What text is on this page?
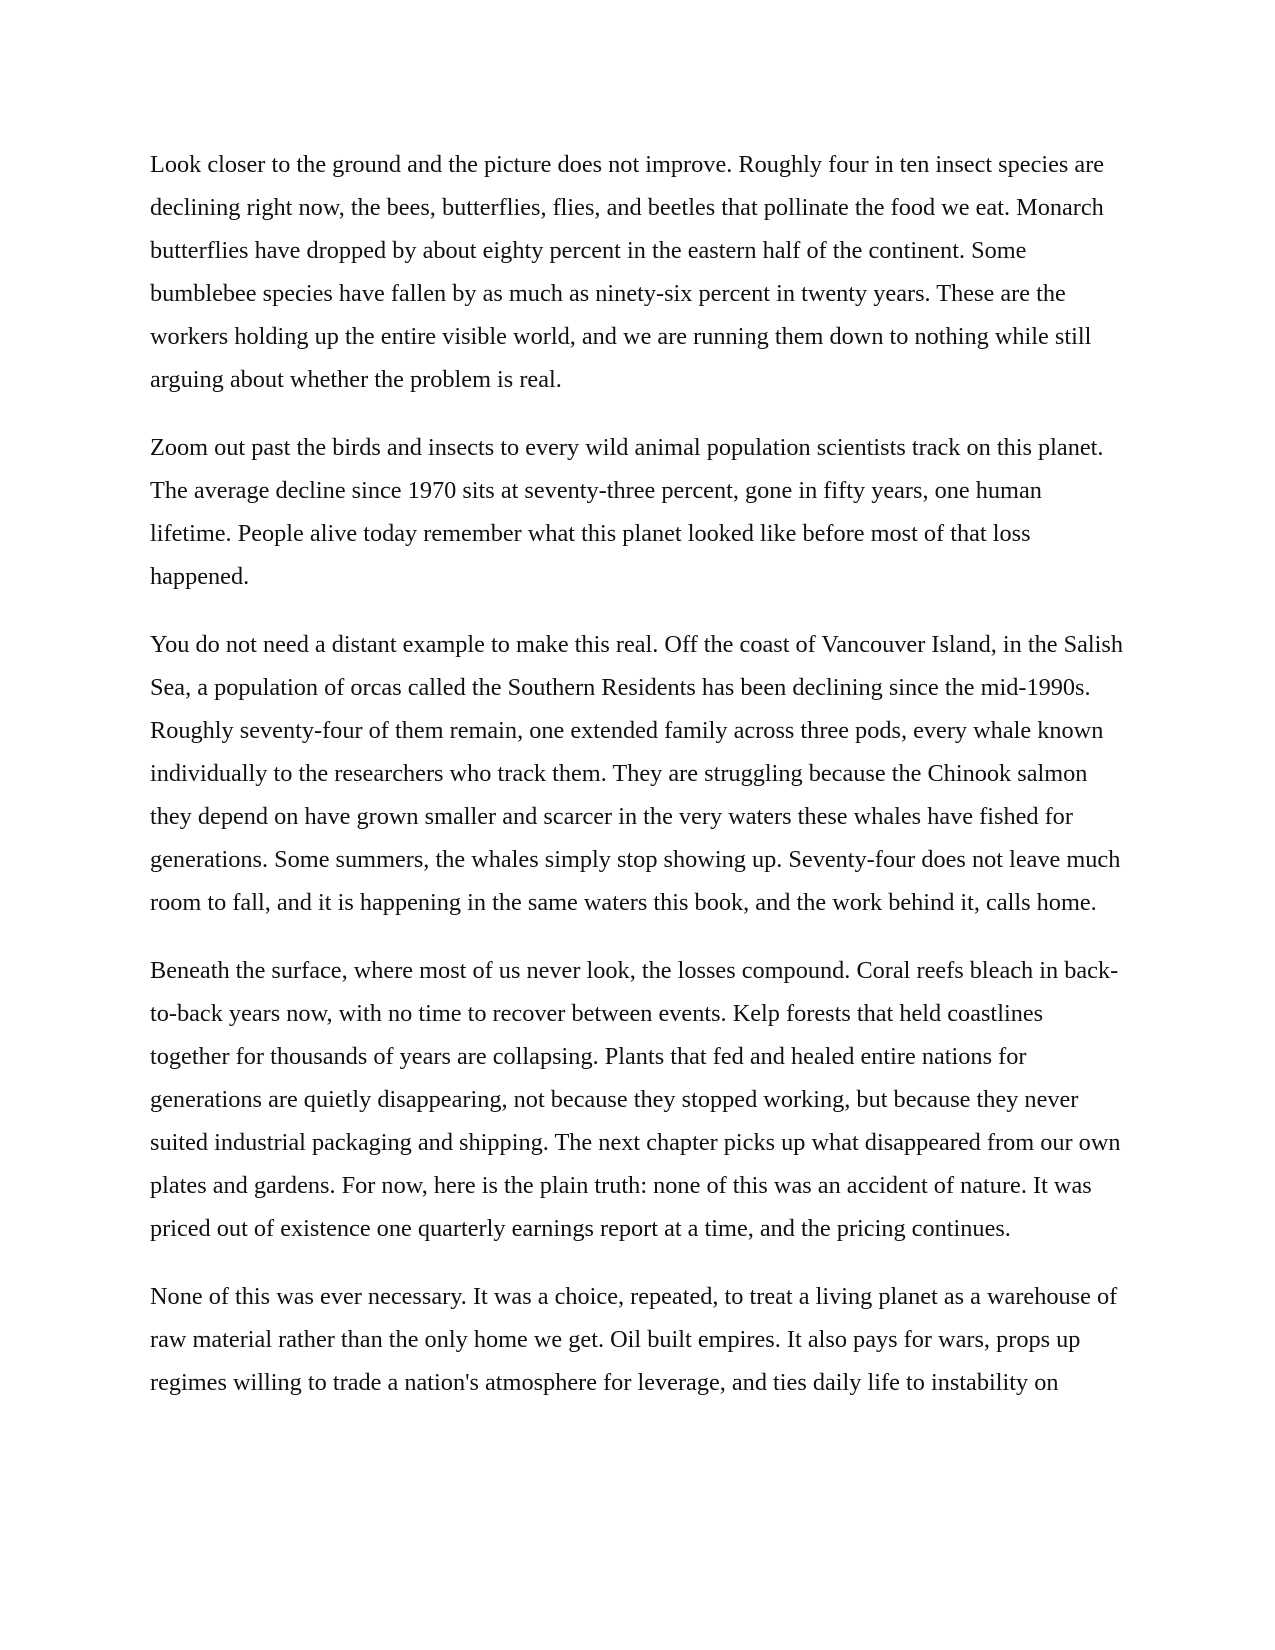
Look closer to the ground and the picture does not improve. Roughly four in ten insect species are declining right now, the bees, butterflies, flies, and beetles that pollinate the food we eat. Monarch butterflies have dropped by about eighty percent in the eastern half of the continent. Some bumblebee species have fallen by as much as ninety-six percent in twenty years. These are the workers holding up the entire visible world, and we are running them down to nothing while still arguing about whether the problem is real.

Zoom out past the birds and insects to every wild animal population scientists track on this planet. The average decline since 1970 sits at seventy-three percent, gone in fifty years, one human lifetime. People alive today remember what this planet looked like before most of that loss happened.

You do not need a distant example to make this real. Off the coast of Vancouver Island, in the Salish Sea, a population of orcas called the Southern Residents has been declining since the mid-1990s. Roughly seventy-four of them remain, one extended family across three pods, every whale known individually to the researchers who track them. They are struggling because the Chinook salmon they depend on have grown smaller and scarcer in the very waters these whales have fished for generations. Some summers, the whales simply stop showing up. Seventy-four does not leave much room to fall, and it is happening in the same waters this book, and the work behind it, calls home.

Beneath the surface, where most of us never look, the losses compound. Coral reefs bleach in back-to-back years now, with no time to recover between events. Kelp forests that held coastlines together for thousands of years are collapsing. Plants that fed and healed entire nations for generations are quietly disappearing, not because they stopped working, but because they never suited industrial packaging and shipping. The next chapter picks up what disappeared from our own plates and gardens. For now, here is the plain truth: none of this was an accident of nature. It was priced out of existence one quarterly earnings report at a time, and the pricing continues.

None of this was ever necessary. It was a choice, repeated, to treat a living planet as a warehouse of raw material rather than the only home we get. Oil built empires. It also pays for wars, props up regimes willing to trade a nation's atmosphere for leverage, and ties daily life to instability on
